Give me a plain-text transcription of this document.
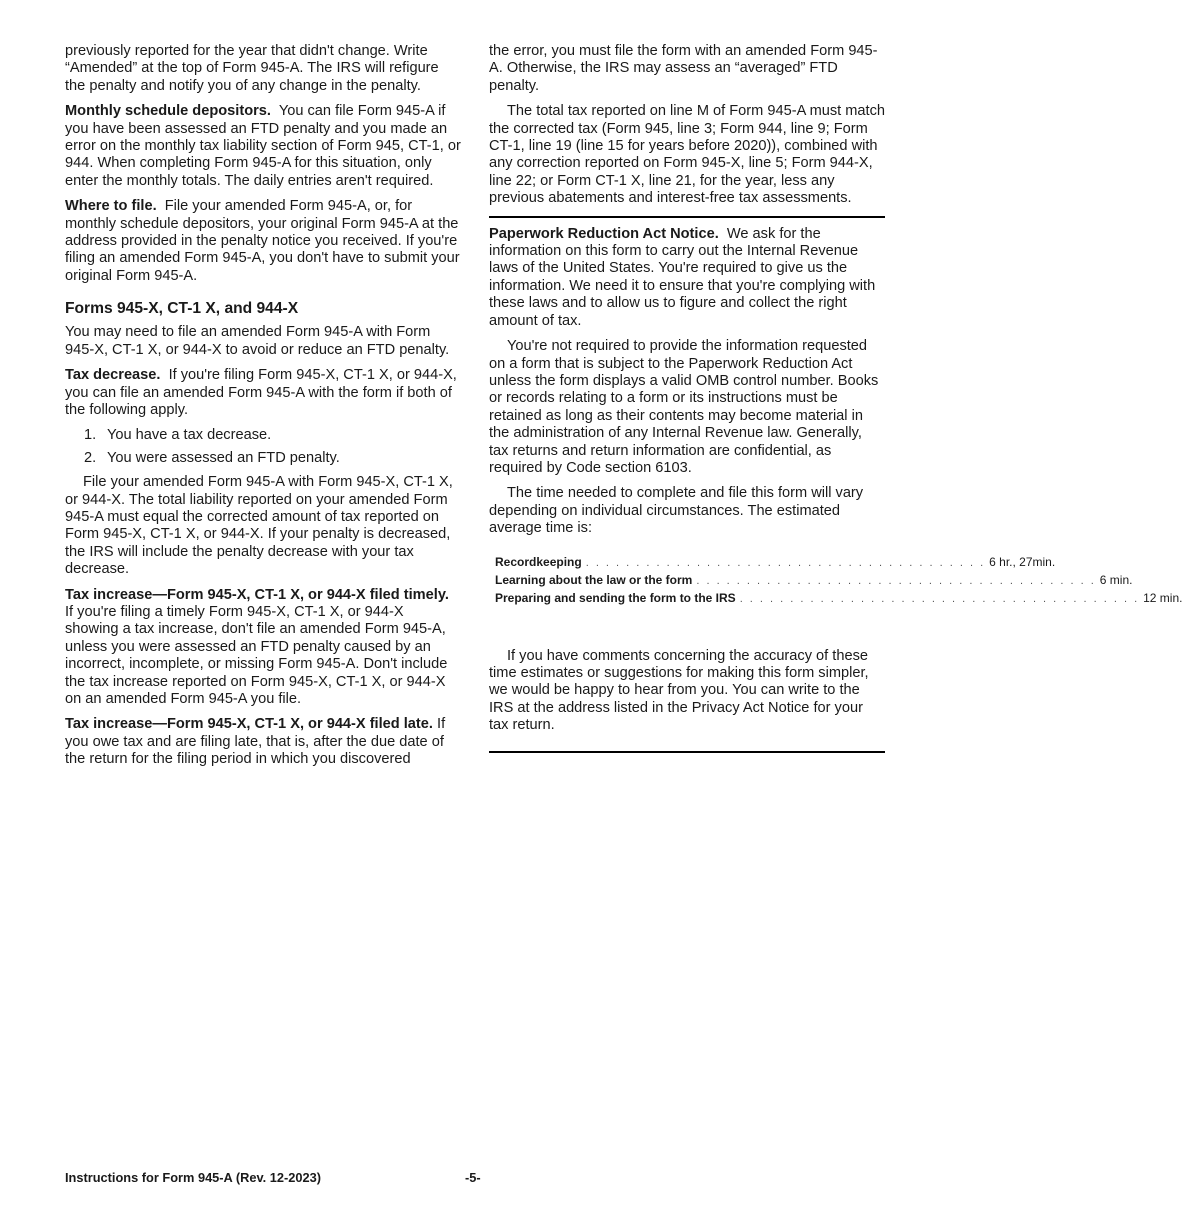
previously reported for the year that didn't change. Write “Amended” at the top of Form 945-A. The IRS will refigure the penalty and notify you of any change in the penalty.

Monthly schedule depositors. You can file Form 945-A if you have been assessed an FTD penalty and you made an error on the monthly tax liability section of Form 945, CT-1, or 944. When completing Form 945-A for this situation, only enter the monthly totals. The daily entries aren't required.

Where to file. File your amended Form 945-A, or, for monthly schedule depositors, your original Form 945-A at the address provided in the penalty notice you received. If you're filing an amended Form 945-A, you don't have to submit your original Form 945-A.

Forms 945-X, CT-1 X, and 944-X

You may need to file an amended Form 945-A with Form 945-X, CT-1 X, or 944-X to avoid or reduce an FTD penalty.

Tax decrease. If you're filing Form 945-X, CT-1 X, or 944-X, you can file an amended Form 945-A with the form if both of the following apply.

1. You have a tax decrease.
2. You were assessed an FTD penalty.

File your amended Form 945-A with Form 945-X, CT-1 X, or 944-X. The total liability reported on your amended Form 945-A must equal the corrected amount of tax reported on Form 945-X, CT-1 X, or 944-X. If your penalty is decreased, the IRS will include the penalty decrease with your tax decrease.

Tax increase—Form 945-X, CT-1 X, or 944-X filed timely.  If you're filing a timely Form 945-X, CT-1 X, or 944-X showing a tax increase, don't file an amended Form 945-A, unless you were assessed an FTD penalty caused by an incorrect, incomplete, or missing Form 945-A. Don't include the tax increase reported on Form 945-X, CT-1 X, or 944-X on an amended Form 945-A you file.

Tax increase—Form 945-X, CT-1 X, or 944-X filed late. If you owe tax and are filing late, that is, after the due date of the return for the filing period in which you discovered

the error, you must file the form with an amended Form 945-A. Otherwise, the IRS may assess an “averaged” FTD penalty.

The total tax reported on line M of Form 945-A must match the corrected tax (Form 945, line 3; Form 944, line 9; Form CT-1, line 19 (line 15 for years before 2020)), combined with any correction reported on Form 945-X, line 5; Form 944-X, line 22; or Form CT-1 X, line 21, for the year, less any previous abatements and interest-free tax assessments.

Paperwork Reduction Act Notice. We ask for the information on this form to carry out the Internal Revenue laws of the United States. You're required to give us the information. We need it to ensure that you're complying with these laws and to allow us to figure and collect the right amount of tax.

You're not required to provide the information requested on a form that is subject to the Paperwork Reduction Act unless the form displays a valid OMB control number. Books or records relating to a form or its instructions must be retained as long as their contents may become material in the administration of any Internal Revenue law. Generally, tax returns and return information are confidential, as required by Code section 6103.

The time needed to complete and file this form will vary depending on individual circumstances. The estimated average time is:

Recordkeeping . . . . . . . . . . . . . . . . . . . . . . . . . . . . . . . . . . . . . . . . 6 hr., 27min.
Learning about the law or the form . . . . . . . . . . . . . . . . . . . . . . . . . . . . . . . . . . . . . . . . 6 min.
Preparing and sending the form to the IRS . . . . . . . . . . . . . . . . . . . . . . . . . . . . . . . . . . . . . . . . 12 min.

If you have comments concerning the accuracy of these time estimates or suggestions for making this form simpler, we would be happy to hear from you. You can write to the IRS at the address listed in the Privacy Act Notice for your tax return.

Instructions for Form 945-A (Rev. 12-2023)	-5-
